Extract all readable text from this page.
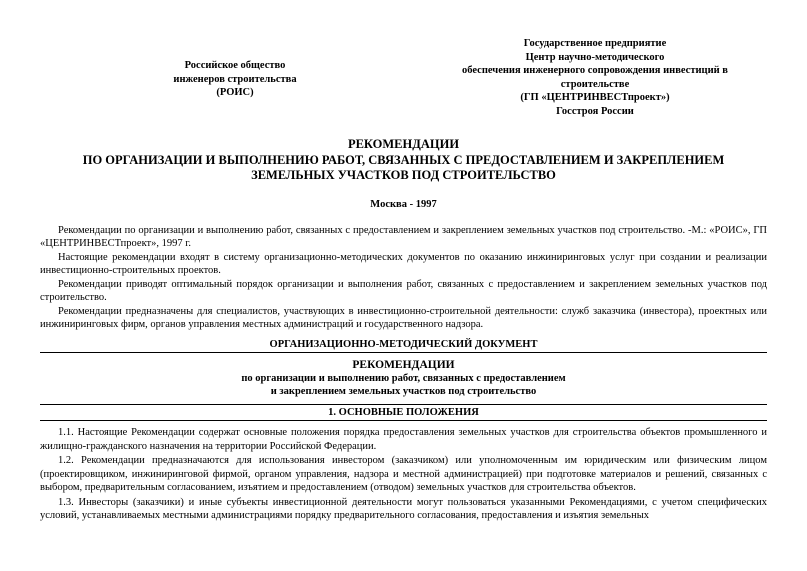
Российское общество
инженеров строительства
(РОИС)
Государственное предприятие
Центр научно-методического
обеспечения инженерного сопровождения инвестиций в
строительстве
(ГП «ЦЕНТРИНВЕСТпроект»)
Госстроя России
РЕКОМЕНДАЦИИ
ПО ОРГАНИЗАЦИИ И ВЫПОЛНЕНИЮ РАБОТ, СВЯЗАННЫХ С ПРЕДОСТАВЛЕНИЕМ И ЗАКРЕПЛЕНИЕМ
ЗЕМЕЛЬНЫХ УЧАСТКОВ ПОД СТРОИТЕЛЬСТВО
Москва - 1997

Рекомендации по организации и выполнению работ, связанных с предоставлением и закреплением земельных участков под строительство. -М.: «РОИС», ГП «ЦЕНТРИНВЕСТпроект», 1997 г.

Настоящие рекомендации входят в систему организационно-методических документов по оказанию инжиниринговых услуг при создании и реализации инвестиционно-строительных проектов.

Рекомендации приводят оптимальный порядок организации и выполнения работ, связанных с предоставлением и закреплением земельных участков под строительство.

Рекомендации предназначены для специалистов, участвующих в инвестиционно-строительной деятельности: служб заказчика (инвестора), проектных или инжиниринговых фирм, органов управления местных администраций и государственного надзора.

ОРГАНИЗАЦИОННО-МЕТОДИЧЕСКИЙ ДОКУМЕНТ
РЕКОМЕНДАЦИИ
по организации и выполнению работ, связанных с предоставлением
и закреплением земельных участков под строительство
1. ОСНОВНЫЕ ПОЛОЖЕНИЯ

1.1. Настоящие Рекомендации содержат основные положения порядка предоставления земельных участков для строительства объектов промышленного и жилищно-гражданского назначения на территории Российской Федерации.

1.2. Рекомендации предназначаются для использования инвестором (заказчиком) или уполномоченным им юридическим или физическим лицом (проектировщиком, инжиниринговой фирмой, органом управления, надзора и местной администрацией) при подготовке материалов и решений, связанных с выбором, предварительным согласованием, изъятием и предоставлением (отводом) земельных участков для строительства объектов.

1.3. Инвесторы (заказчики) и иные субъекты инвестиционной деятельности могут пользоваться указанными Рекомендациями, с учетом специфических условий, устанавливаемых местными администрациями порядку предварительного согласования, предоставления и изъятия земельных
